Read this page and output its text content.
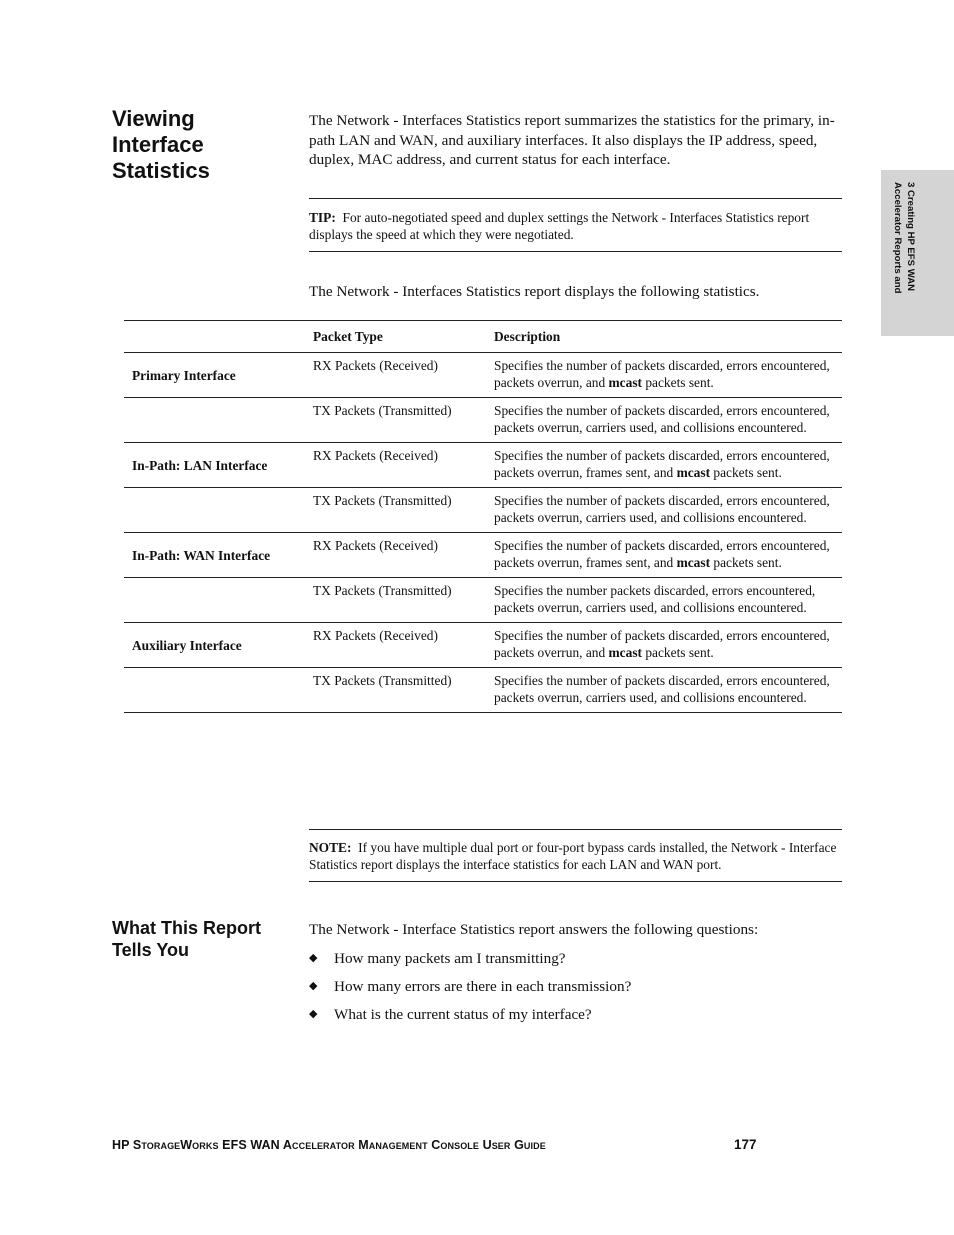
Viewing Interface Statistics

The Network - Interfaces Statistics report summarizes the statistics for the primary, in-path LAN and WAN, and auxiliary interfaces. It also displays the IP address, speed, duplex, MAC address, and current status for each interface.

TIP: For auto-negotiated speed and duplex settings the Network - Interfaces Statistics report displays the speed at which they were negotiated.

The Network - Interfaces Statistics report displays the following statistics.

	Packet Type	Description
Primary Interface	RX Packets (Received)	Specifies the number of packets discarded, errors encountered, packets overrun, and mcast packets sent.
	TX Packets (Transmitted)	Specifies the number of packets discarded, errors encountered, packets overrun, carriers used, and collisions encountered.
In-Path: LAN Interface	RX Packets (Received)	Specifies the number of packets discarded, errors encountered, packets overrun, frames sent, and mcast packets sent.
	TX Packets (Transmitted)	Specifies the number of packets discarded, errors encountered, packets overrun, carriers used, and collisions encountered.
In-Path: WAN Interface	RX Packets (Received)	Specifies the number of packets discarded, errors encountered, packets overrun, frames sent, and mcast packets sent.
	TX Packets (Transmitted)	Specifies the number packets discarded, errors encountered, packets overrun, carriers used, and collisions encountered.
Auxiliary Interface	RX Packets (Received)	Specifies the number of packets discarded, errors encountered, packets overrun, and mcast packets sent.
	TX Packets (Transmitted)	Specifies the number of packets discarded, errors encountered, packets overrun, carriers used, and collisions encountered.
NOTE: If you have multiple dual port or four-port bypass cards installed, the Network - Interface Statistics report displays the interface statistics for each LAN and WAN port.
What This Report Tells You
The Network - Interface Statistics report answers the following questions:
◆ How many packets am I transmitting?
◆ How many errors are there in each transmission?
◆ What is the current status of my interface?
3 Creating HP EFS WAN
Accelerator Reports and
HP StorageWorks EFS WAN Accelerator Management Console User Guide	177
